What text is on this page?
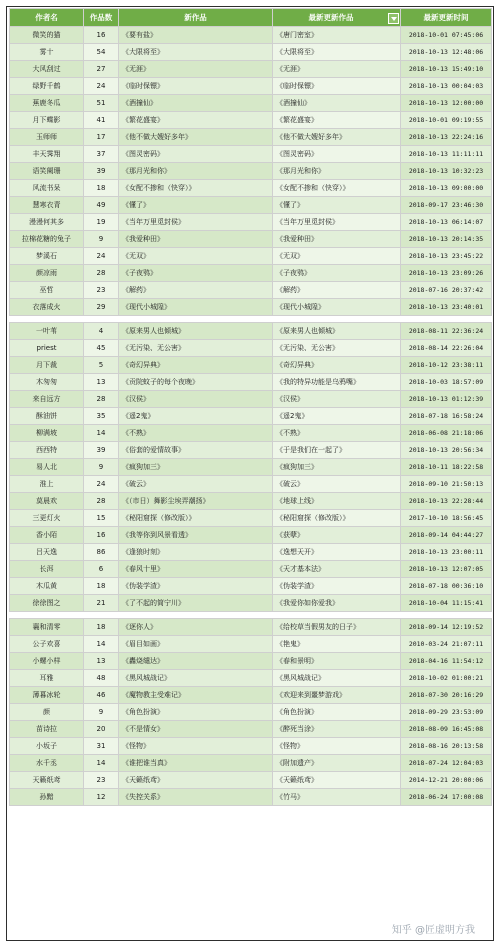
作者名	作品数	新作品	最新更新作品	最新更新时间
微笑的猫	16	《要有盐》	《唐门密室》	2018-10-01 07:45:06
雾十	54	《大限将至》	《大限将至》	2018-10-13 12:48:06
大风刮过	27	《无涯》	《无涯》	2018-10-13 15:49:10
绿野千鹤	24	《临时保镖》	《临时保镖》	2018-10-13 00:04:03
蕉鹿冬瓜	51	《酒撞仙》	《酒撞仙》	2018-10-13 12:00:00
月下蝶影	41	《繁花盛宴》	《繁花盛宴》	2018-10-01 09:19:55
玉师师	17	《他不做大嫂好多年》	《他不做大嫂好多年》	2018-10-13 22:24:16
丰天霁翔	37	《图灵密码》	《图灵密码》	2018-10-13 11:11:11
语笑阑珊	39	《那月光和你》	《那月光和你》	2018-10-13 10:32:23
风流书呆	18	《女配不掺和（快穿）》	《女配不掺和（快穿）》	2018-10-13 09:00:00
慧寒衣青	49	《懂了》	《懂了》	2018-09-17 23:46:30
漫漫何其多	19	《当年万里觅封侯》	《当年万里觅封侯》	2018-10-13 06:14:07
拉棉花糖的兔子	9	《我爱种田》	《我爱种田》	2018-10-13 20:14:35
梦溪石	24	《无双》	《无双》	2018-10-13 23:45:22
颜凉雨	28	《子夜鸮》	《子夜鸮》	2018-10-13 23:09:26
巫哲	23	《解药》	《解药》	2018-07-16 20:37:42
衣落成火	29	《现代小城隍》	《现代小城隍》	2018-10-13 23:40:01

一叶苇	4	《原来男人也倾城》	《原来男人也倾城》	2018-08-11 22:36:24
priest	45	《无污染、无公害》	《无污染、无公害》	2018-08-14 22:26:04
月下裁	5	《奇幻异典》	《奇幻异典》	2018-10-12 23:38:11
木匆匆	13	《贡院蚊子的每个夜晚》	《我的特异功能是乌鸦嘴》	2018-10-03 18:57:09
来自远方	28	《汉侯》	《汉侯》	2018-10-13 01:12:39
酥油饼	35	《遥2鬼》	《遥2鬼》	2018-07-18 16:58:24
柳满坡	14	《不熟》	《不熟》	2018-06-08 21:18:06
西西特	39	《俗套的爱情故事》	《于是我们在一起了》	2018-10-13 20:56:34
易人北	9	《疯狗加三》	《疯狗加三》	2018-10-11 18:22:58
淮上	24	《破云》	《破云》	2018-09-10 21:50:13
莫晨欢	28	《（市日）舞影尘埃弄潮扬》	《地球上线》	2018-10-13 22:28:44
三更灯火	15	《秘阳窟探（修改版）》	《秘阳窟探（修改版）》	2017-10-10 18:56:45
香小陌	16	《我等你到风景看透》	《获孽》	2018-09-14 04:44:27
吕天逸	86	《逢狼时刻》	《逸想天开》	2018-10-13 23:00:11
长洱	6	《春风十里》	《天才基本法》	2018-10-13 12:07:05
木瓜黄	18	《伪装学渣》	《伪装学渣》	2018-07-18 00:36:10
徐徐图之	21	《了不起的简宁川》	《我爱你如你爱我》	2018-10-04 11:15:41

襄和清零	18	《逐你人》	《给校草当假男友的日子》	2018-09-14 12:19:52
公子欢喜	14	《眉目如画》	《艳鬼》	2010-03-24 21:07:11
小螺小样	13	《轟烧缱达》	《春和景明》	2018-04-16 11:54:12
耳雅	48	《黑风城战记》	《黑风城战记》	2018-10-02 01:00:21
薄暮冰轮	46	《魔物教主受难记》	《欢迎来到噩梦游戏》	2018-07-30 20:16:29
颜	9	《角色扮演》	《角色扮演》	2018-09-29 23:53:09
苗诗拉	20	《不是情女》	《醉死当涂》	2018-08-09 16:45:08
小坂子	31	《怪物》	《怪物》	2018-08-16 20:13:58
水千丞	14	《谁把谁当真》	《附加遗产》	2018-07-24 12:04:03
天籁纸鸢	23	《天籁纸鸢》	《天籁纸鸢》	2014-12-21 20:00:06
孙黯	12	《失控关系》	《竹马》	2018-06-24 17:00:08
知乎 @匠虚明方我
